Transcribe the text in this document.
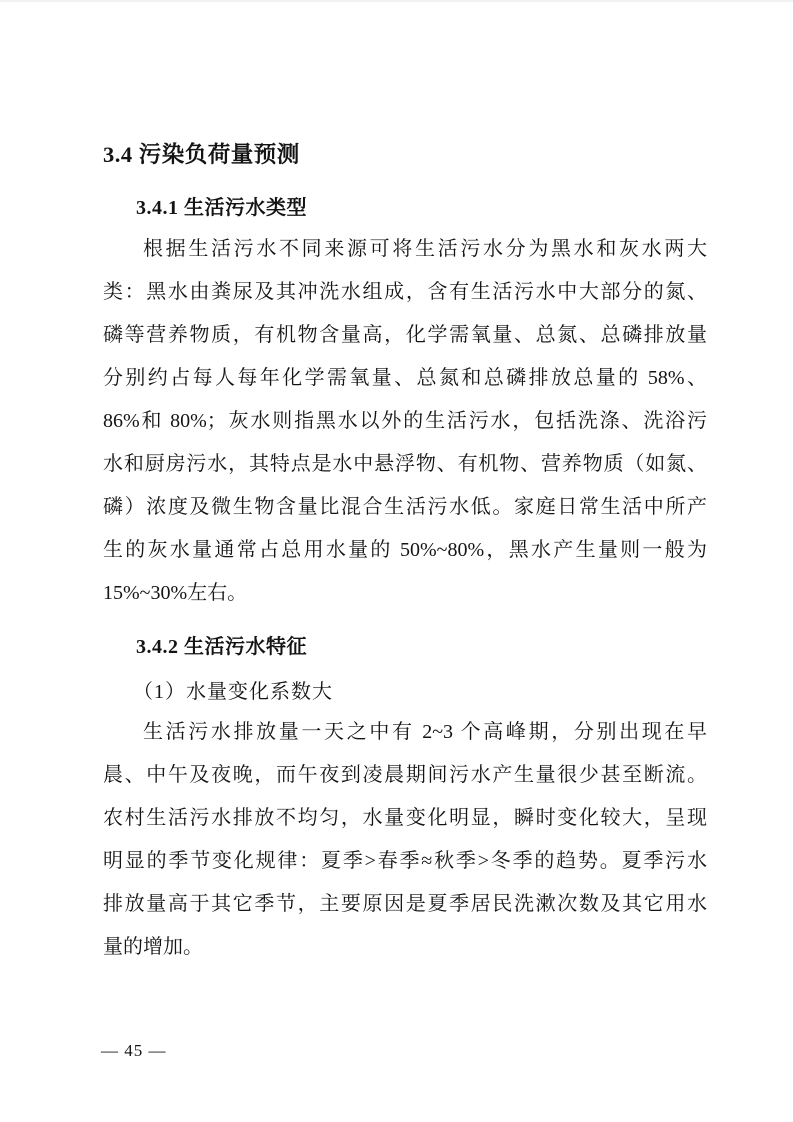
3.4 污染负荷量预测
3.4.1 生活污水类型
根据生活污水不同来源可将生活污水分为黑水和灰水两大
类：黑水由粪尿及其冲洗水组成，含有生活污水中大部分的氮、
磷等营养物质，有机物含量高，化学需氧量、总氮、总磷排放量
分别约占每人每年化学需氧量、总氮和总磷排放总量的 58%、
86%和 80%；灰水则指黑水以外的生活污水，包括洗涤、洗浴污
水和厨房污水，其特点是水中悬浮物、有机物、营养物质（如氮、
磷）浓度及微生物含量比混合生活污水低。家庭日常生活中所产
生的灰水量通常占总用水量的 50%~80%，黑水产生量则一般为
15%~30%左右。
3.4.2 生活污水特征
（1）水量变化系数大
生活污水排放量一天之中有 2~3 个高峰期，分别出现在早
晨、中午及夜晚，而午夜到凌晨期间污水产生量很少甚至断流。
农村生活污水排放不均匀，水量变化明显，瞬时变化较大，呈现
明显的季节变化规律：夏季>春季≈秋季>冬季的趋势。夏季污水
排放量高于其它季节，主要原因是夏季居民洗漱次数及其它用水
量的增加。
— 45 —
